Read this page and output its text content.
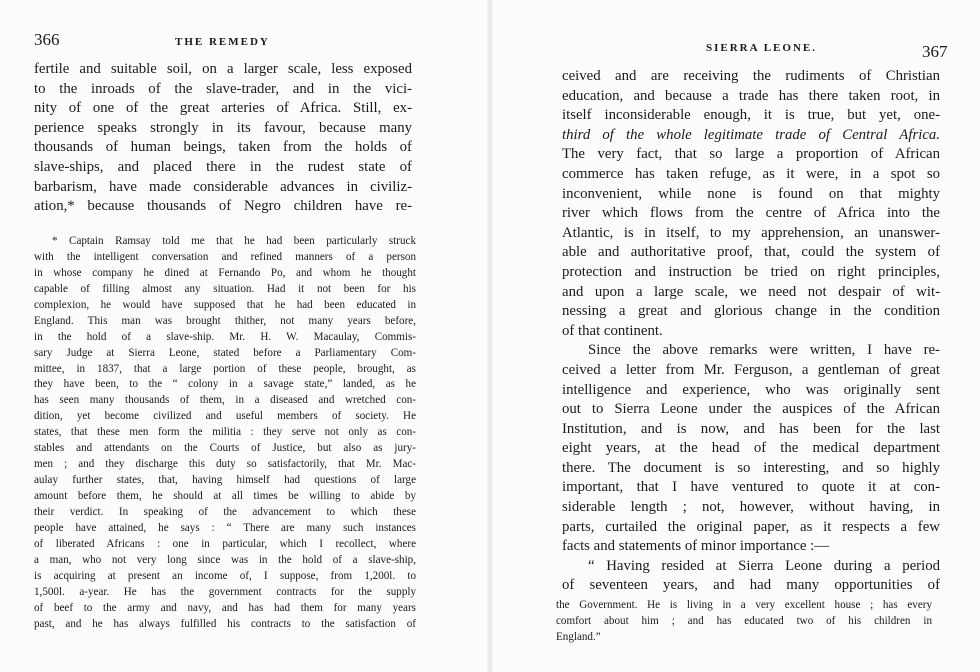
366	THE REMEDY
fertile and suitable soil, on a larger scale, less exposed
to the inroads of the slave-trader, and in the vici-
nity of one of the great arteries of Africa. Still, ex-
perience speaks strongly in its favour, because many
thousands of human beings, taken from the holds of
slave-ships, and placed there in the rudest state of
barbarism, have made considerable advances in civiliz-
ation,* because thousands of Negro children have re-
* Captain Ramsay told me that he had been particularly struck
with the intelligent conversation and refined manners of a person
in whose company he dined at Fernando Po, and whom he thought
capable of filling almost any situation. Had it not been for his
complexion, he would have supposed that he had been educated in
England. This man was brought thither, not many years before,
in the hold of a slave-ship. Mr. H. W. Macaulay, Commis-
sary Judge at Sierra Leone, stated before a Parliamentary Com-
mittee, in 1837, that a large portion of these people, brought, as
they have been, to the “ colony in a savage state,” landed, as he
has seen many thousands of them, in a diseased and wretched con-
dition, yet become civilized and useful members of society. He
states, that these men form the militia : they serve not only as con-
stables and attendants on the Courts of Justice, but also as jury-
men ; and they discharge this duty so satisfactorily, that Mr. Mac-
aulay further states, that, having himself had questions of large
amount before them, he should at all times be willing to abide by
their verdict. In speaking of the advancement to which these
people have attained, he says : “ There are many such instances
of liberated Africans : one in particular, which I recollect, where
a man, who not very long since was in the hold of a slave-ship,
is acquiring at present an income of, I suppose, from 1,200l. to
1,500l. a-year. He has the government contracts for the supply
of beef to the army and navy, and has had them for many years
past, and he has always fulfilled his contracts to the satisfaction of
SIERRA LEONE.	367
ceived and are receiving the rudiments of Christian
education, and because a trade has there taken root, in
itself inconsiderable enough, it is true, but yet, one-
third of the whole legitimate trade of Central Africa.
The very fact, that so large a proportion of African
commerce has taken refuge, as it were, in a spot so
inconvenient, while none is found on that mighty
river which flows from the centre of Africa into the
Atlantic, is in itself, to my apprehension, an unanswer-
able and authoritative proof, that, could the system of
protection and instruction be tried on right principles,
and upon a large scale, we need not despair of wit-
nessing a great and glorious change in the condition
of that continent.
Since the above remarks were written, I have re-
ceived a letter from Mr. Ferguson, a gentleman of great
intelligence and experience, who was originally sent
out to Sierra Leone under the auspices of the African
Institution, and is now, and has been for the last
eight years, at the head of the medical department
there. The document is so interesting, and so highly
important, that I have ventured to quote it at con-
siderable length ; not, however, without having, in
parts, curtailed the original paper, as it respects a few
facts and statements of minor importance :—
“ Having resided at Sierra Leone during a period
of seventeen years, and had many opportunities of
the Government. He is living in a very excellent house ; has every
comfort about him ; and has educated two of his children in
England.”
